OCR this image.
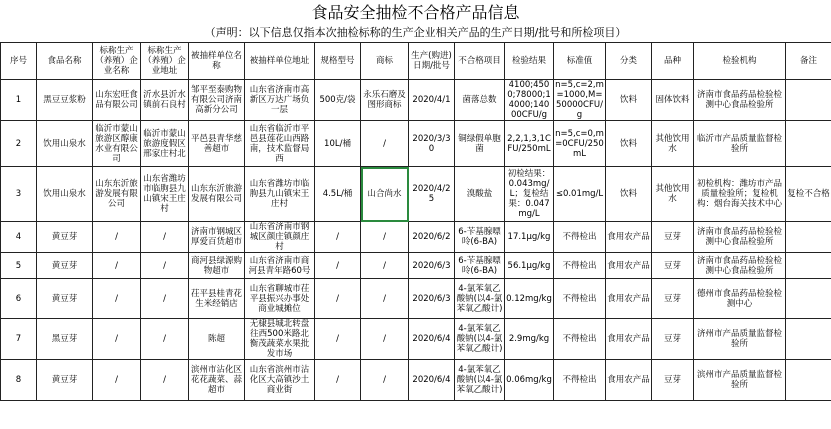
食品安全抽检不合格产品信息
（声明：以下信息仅指本次抽检标称的生产企业相关产品的生产日期/批号和所检项目）
序号	食品名称	标称生产（养殖）企业名称	标称生产（养殖）企业地址	被抽样单位名称	被抽样单位地址	规格型号	商标	生产(购进)日期/批号	不合格项目	检验结果	标准值	分类	品种	检验机构	备注
1	黑豆豆浆粉	山东宏旺食品有限公司	沂水县沂水镇前石良村	邹平至泰购物有限公司济南高新分公司	山东省济南市高新区万达广场负一层	500克/袋	永乐石磨及图形商标	2020/4/1	菌落总数	4100;4500;78000;14000;14000CFU/g	n=5,c=2,m=1000,M=50000CFU/g	饮料	固体饮料	济南市食品药品检验检测中心食品检验所	
2	饮用山泉水	临沂市蒙山旅游区醇康水业有限公司	临沂市蒙山旅游度假区邢家庄村北	平邑县青华慈善超市	山东省临沂市平邑县莲花山西路南，技术监督局西	10L/桶	/	2020/3/30	铜绿假单胞菌	2,2,1,3,1CFU/250mL	n=5,c=0,m=0CFU/250mL	饮料	其他饮用水	临沂市产品质量监督检验所	
3	饮用山泉水	山东东沂旅游发展有限公司	山东省潍坊市临朐县九山镇宋王庄村	山东东沂旅游发展有限公司	山东省潍坊市临朐县九山镇宋王庄村	4.5L/桶	山合尚水	2020/4/25	溴酸盐	初检结果：0.043mg/L；复检结果：0.047mg/L	≤0.01mg/L	饮料	其他饮用水	初检机构：潍坊市产品质量检验所；复检机构：烟台海关技术中心	复检不合格
4	黄豆芽	/	/	济南市钢城区厚爱百货超市	山东省济南市钢城区颜庄镇颜庄村	/	/	2020/6/2	6-苄基腺嘌呤(6-BA)	17.1μg/kg	不得检出	食用农产品	豆芽	济南市食品药品检验检测中心食品检验所	
5	黄豆芽	/	/	商河县绿源购物超市	山东省济南市商河县青年路60号	/	/	2020/6/3	6-苄基腺嘌呤(6-BA)	56.1μg/kg	不得检出	食用农产品	豆芽	济南市食品药品检验检测中心食品检验所	
6	黄豆芽	/	/	茌平县桂青花生米经销店	山东省聊城市茌平县振兴办事处商业城摊位	/	/	2020/6/3	4-氯苯氧乙酸钠(以4-氯苯氧乙酸计)	0.12mg/kg	不得检出	食用农产品	豆芽	德州市食品药品检验检测中心	
7	黑豆芽	/	/	陈超	无棣县城北转盘往西500米路北衡茂蔬菜水果批发市场	/	/	2020/6/4	4-氯苯氧乙酸钠(以4-氯苯氧乙酸计)	2.9mg/kg	不得检出	食用农产品	豆芽	济州市产品质量监督检验所	
8	黄豆芽	/	/	滨州市沾化区花花蔬菜、蒜超市	山东省滨州市沾化区大高镇沙土商业街	/	/	2020/6/4	4-氯苯氧乙酸钠(以4-氯苯氧乙酸计)	0.06mg/kg	不得检出	食用农产品	豆芽	滨州市产品质量监督检验所	
